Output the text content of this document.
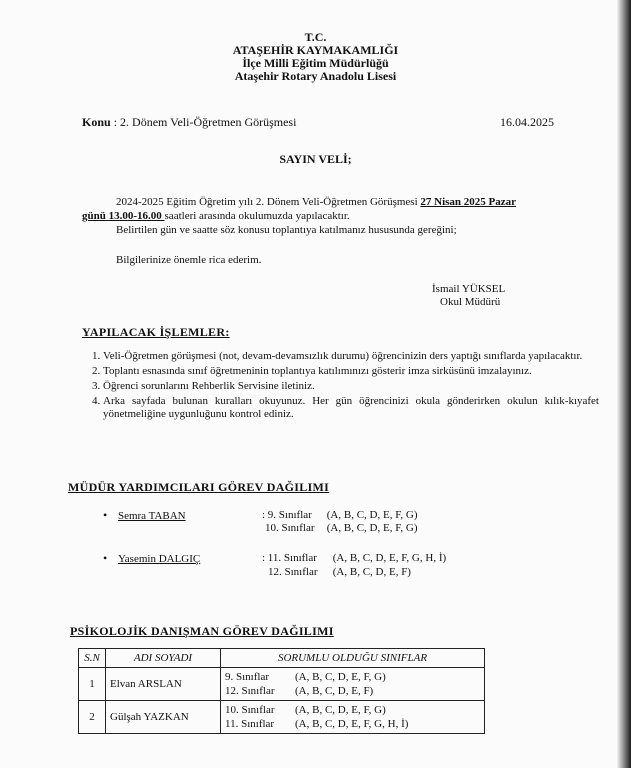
T.C.
ATAŞEHİR KAYMAKAMLIĞI
İlçe Milli Eğitim Müdürlüğü
Ataşehir Rotary Anadolu Lisesi
Konu : 2. Dönem Veli-Öğretmen Görüşmesi	16.04.2025
SAYIN VELİ;
2024-2025 Eğitim Öğretim yılı 2. Dönem Veli-Öğretmen Görüşmesi 27 Nisan 2025 Pazar
günü 13.00-16.00 saatleri arasında okulumuzda yapılacaktır.
Belirtilen gün ve saatte söz konusu toplantıya katılmanız hususunda gereğini;
Bilgilerinize önemle rica ederim.
İsmail YÜKSEL
Okul Müdürü
YAPILACAK İŞLEMLER:
1. Veli-Öğretmen görüşmesi (not, devam-devamsızlık durumu) öğrencinizin ders yaptığı sınıflarda yapılacaktır.
2. Toplantı esnasında sınıf öğretmeninin toplantıya katılımınızı gösterir imza sirküsünü imzalayınız.
3. Öğrenci sorunlarını Rehberlik Servisine iletiniz.
4. Arka sayfada bulunan kuralları okuyunuz. Her gün öğrencinizi okula gönderirken okulun kılık-kıyafet yönetmeliğine uygunluğunu kontrol ediniz.
MÜDÜR YARDIMCILARI GÖREV DAĞILIMI
• Semra TABAN	: 9. Sınıflar (A, B, C, D, E, F, G)
10. Sınıflar (A, B, C, D, E, F, G)
• Yasemin DALGIÇ	: 11. Sınıflar (A, B, C, D, E, F, G, H, İ)
12. Sınıflar (A, B, C, D, E, F)
PSİKOLOJİK DANIŞMAN GÖREV DAĞILIMI
S.N	ADI SOYADI	SORUMLU OLDUĞU SINIFLAR
1	Elvan ARSLAN	9. Sınıflar (A, B, C, D, E, F, G)
12. Sınıflar (A, B, C, D, E, F)

2	Gülşah YAZKAN	10. Sınıflar (A, B, C, D, E, F, G)
11. Sınıflar (A, B, C, D, E, F, G, H, İ)
